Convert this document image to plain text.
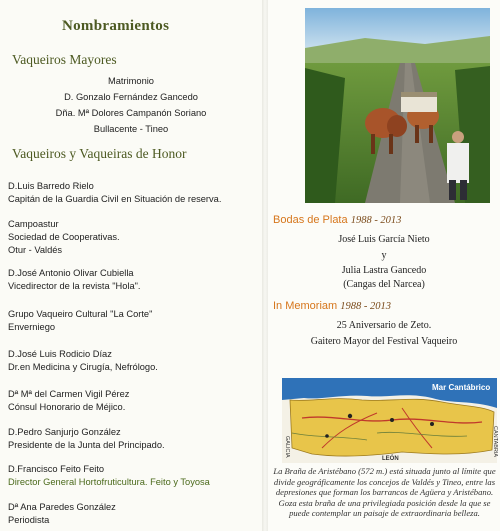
Nombramientos
Vaqueiros Mayores
Matrimonio
D. Gonzalo Fernández Gancedo
Dña. Mª Dolores Campanón Soriano
Bullacente - Tineo
Vaqueiros y Vaqueiras de Honor
D.Luis Barredo Rielo
Capitán de la Guardia Civil en Situación de reserva.
Campoastur
Sociedad de Cooperativas.
Otur - Valdés
D.José Antonio Olivar Cubiella
Vicedirector de la revista "Hola".
Grupo Vaqueiro Cultural "La Corte"
Enverniego
D.José Luis Rodicio Díaz
Dr.en Medicina y Cirugía, Nefrólogo.
Dª Mª del Carmen Vigil Pérez
Cónsul Honorario de Méjico.
D.Pedro Sanjurjo González
Presidente de la Junta del Principado.
D.Francisco Feito Feito
Director General Hortofruticultura. Feito y Toyosa
Dª Ana Paredes González
Periodista
Bodas de Plata 1988 - 2013
José Luis García Nieto
y
Julia Lastra Gancedo
(Cangas del Narcea)
In Memoriam 1988 - 2013
25 Aniversario de Zeto.
Gaitero Mayor del Festival Vaqueiro
Mar Cantábrico
GALICIA	CANTABRIA
LEÓN
La Braña de Aristébano (572 m.) está situada junto al límite que divide geográficamente los concejos de Valdés y Tineo, entre las depresiones que forman los barrancos de Agüera y Aristébano. Goza esta braña de una privilegiada posición desde la que se puede contemplar un paisaje de extraordinaria belleza.
